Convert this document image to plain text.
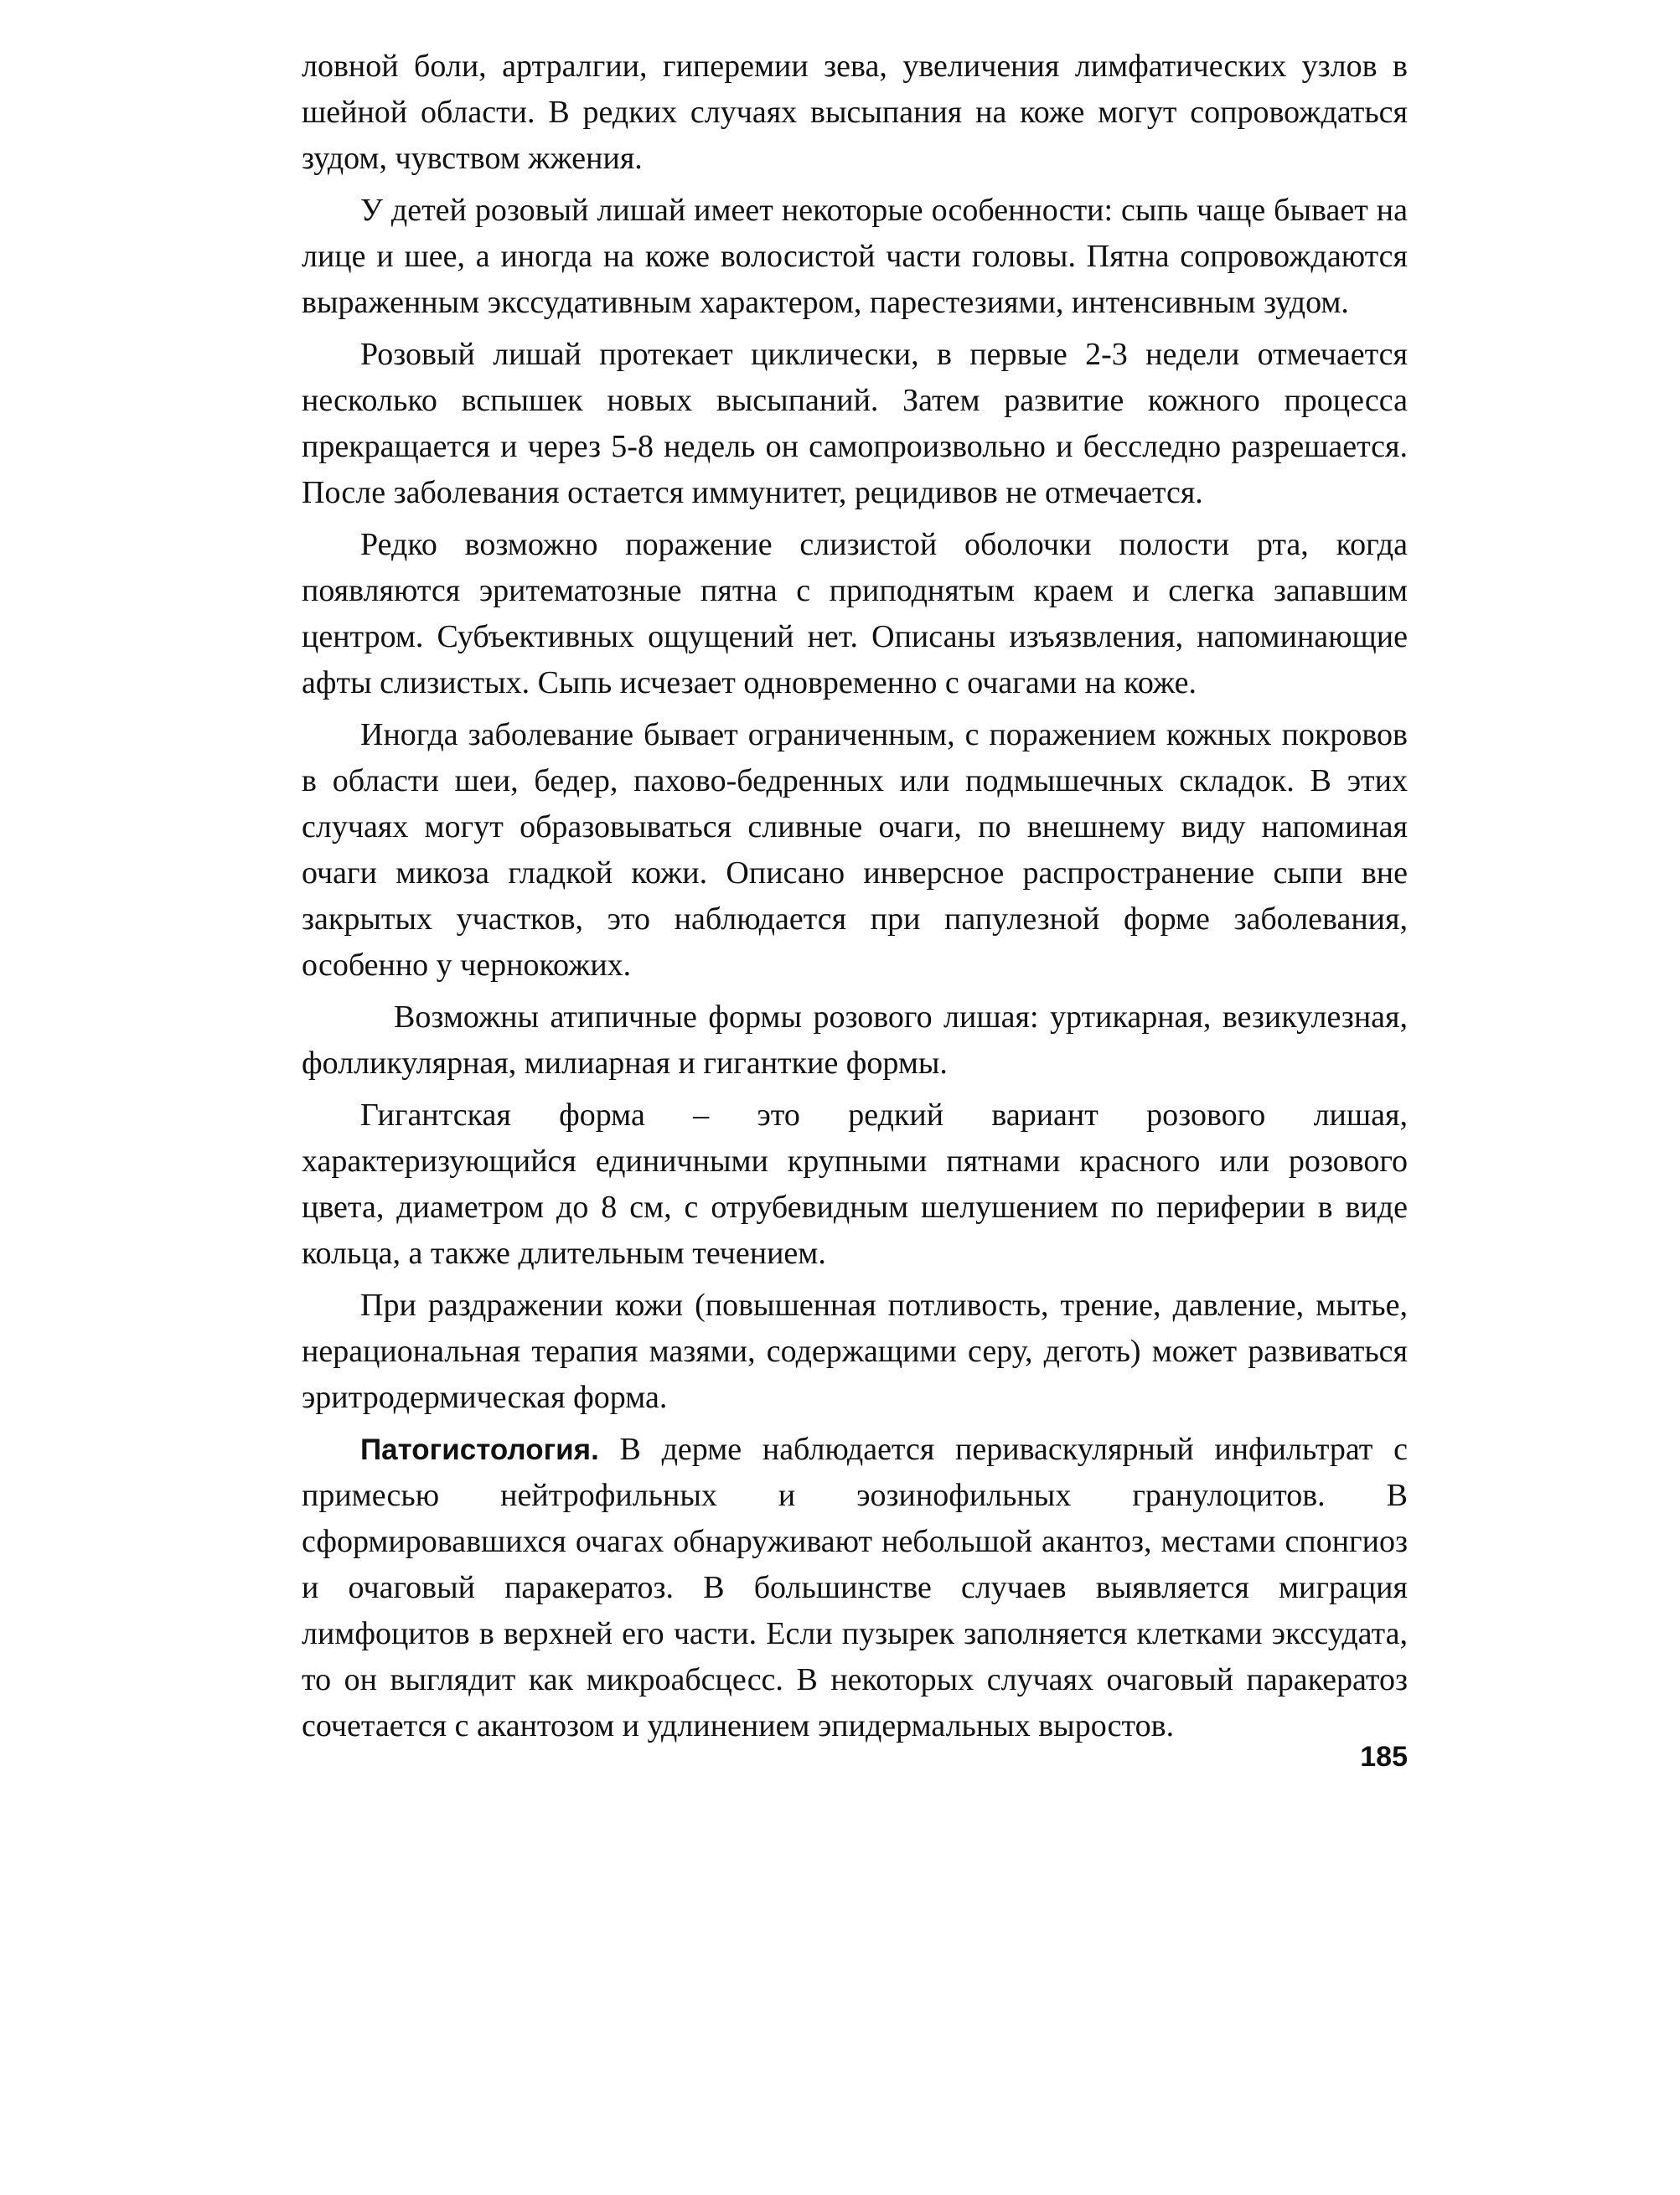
ловной боли, артралгии, гиперемии зева, увеличения лимфатических узлов в шейной области. В редких случаях высыпания на коже могут сопровождаться зудом, чувством жжения.

У детей розовый лишай имеет некоторые особенности: сыпь чаще бывает на лице и шее, а иногда на коже волосистой части головы. Пятна сопровождаются выраженным экссудативным характером, парестезиями, интенсивным зудом.

Розовый лишай протекает циклически, в первые 2-3 недели отмечается несколько вспышек новых высыпаний. Затем развитие кожного процесса прекращается и через 5-8 недель он самопроизвольно и бесследно разрешается. После заболевания остается иммунитет, рецидивов не отмечается.

Редко возможно поражение слизистой оболочки полости рта, когда появляются эритематозные пятна с приподнятым краем и слегка запавшим центром. Субъективных ощущений нет. Описаны изъязвления, напоминающие афты слизистых. Сыпь исчезает одновременно с очагами на коже.

Иногда заболевание бывает ограниченным, с поражением кожных покровов в области шеи, бедер, пахово-бедренных или подмышечных складок. В этих случаях могут образовываться сливные очаги, по внешнему виду напоминая очаги микоза гладкой кожи. Описано инверсное распространение сыпи вне закрытых участков, это наблюдается при папулезной форме заболевания, особенно у чернокожих.

Возможны атипичные формы розового лишая: уртикарная, везикулезная, фолликулярная, милиарная и гиганткие формы.

Гигантская форма – это редкий вариант розового лишая, характеризующийся единичными крупными пятнами красного или розового цвета, диаметром до 8 см, с отрубевидным шелушением по периферии в виде кольца, а также длительным течением.

При раздражении кожи (повышенная потливость, трение, давление, мытье, нерациональная терапия мазями, содержащими серу, деготь) может развиваться эритродермическая форма.

Патогистология. В дерме наблюдается периваскулярный инфильтрат с примесью нейтрофильных и эозинофильных гранулоцитов. В сформировавшихся очагах обнаруживают небольшой акантоз, местами спонгиоз и очаговый паракератоз. В большинстве случаев выявляется миграция лимфоцитов в верхней его части. Если пузырек заполняется клетками экссудата, то он выглядит как микроабсцесс. В некоторых случаях очаговый паракератоз сочетается с акантозом и удлинением эпидермальных выростов.

185
